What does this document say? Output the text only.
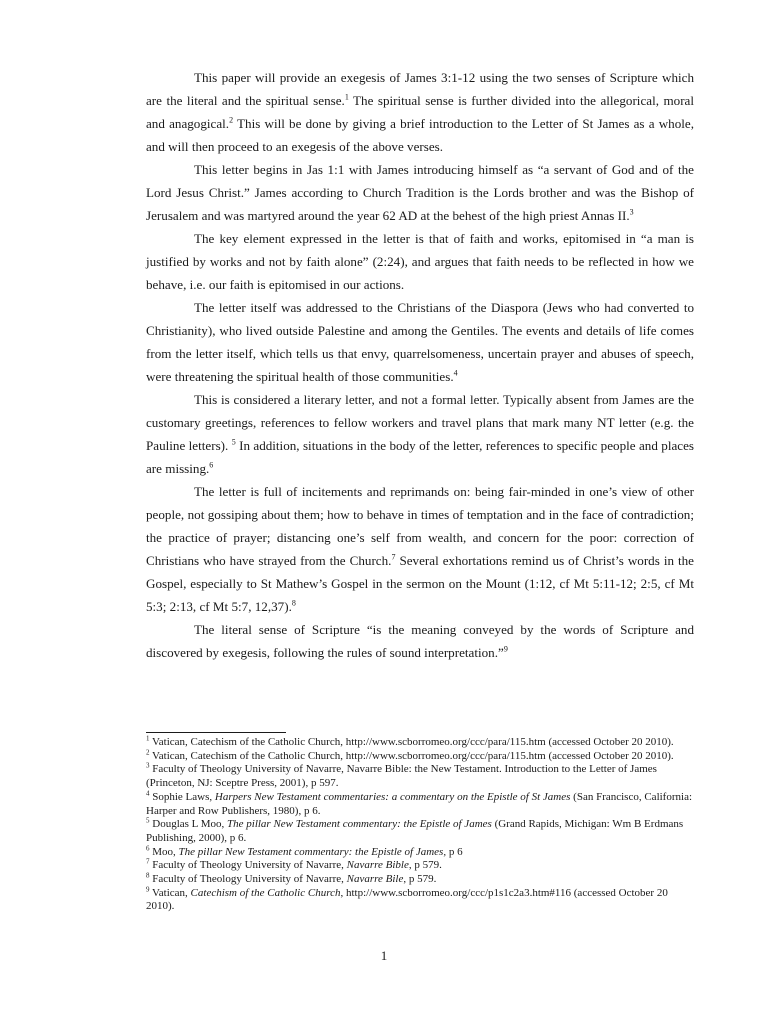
This paper will provide an exegesis of James 3:1-12 using the two senses of Scripture which are the literal and the spiritual sense.$^1$ The spiritual sense is further divided into the allegorical, moral and anagogical.$^2$ This will be done by giving a brief introduction to the Letter of St James as a whole, and will then proceed to an exegesis of the above verses.

This letter begins in Jas 1:1 with James introducing himself as “a servant of God and of the Lord Jesus Christ.” James according to Church Tradition is the Lords brother and was the Bishop of Jerusalem and was martyred around the year 62 AD at the behest of the high priest Annas II.$^3$

The key element expressed in the letter is that of faith and works, epitomised in “a man is justified by works and not by faith alone” (2:24), and argues that faith needs to be reflected in how we behave, i.e. our faith is epitomised in our actions.

The letter itself was addressed to the Christians of the Diaspora (Jews who had converted to Christianity), who lived outside Palestine and among the Gentiles. The events and details of life comes from the letter itself, which tells us that envy, quarrelsomeness, uncertain prayer and abuses of speech, were threatening the spiritual health of those communities.$^4$

This is considered a literary letter, and not a formal letter. Typically absent from James are the customary greetings, references to fellow workers and travel plans that mark many NT letter (e.g. the Pauline letters). $^5$ In addition, situations in the body of the letter, references to specific people and places are missing.$^6$

The letter is full of incitements and reprimands on: being fair-minded in one’s view of other people, not gossiping about them; how to behave in times of temptation and in the face of contradiction; the practice of prayer; distancing one’s self from wealth, and concern for the poor: correction of Christians who have strayed from the Church.$^7$ Several exhortations remind us of Christ’s words in the Gospel, especially to St Mathew’s Gospel in the sermon on the Mount (1:12, cf Mt 5:11-12; 2:5, cf Mt 5:3; 2:13, cf Mt 5:7, 12,37).$^8$

The literal sense of Scripture “is the meaning conveyed by the words of Scripture and discovered by exegesis, following the rules of sound interpretation.”$^9$

$^1$ Vatican, Catechism of the Catholic Church, http://www.scborromeo.org/ccc/para/115.htm (accessed October 20 2010).

$^2$ Vatican, Catechism of the Catholic Church, http://www.scborromeo.org/ccc/para/115.htm (accessed October 20 2010).

$^3$ Faculty of Theology University of Navarre, Navarre Bible: the New Testament. Introduction to the Letter of James (Princeton, NJ: Sceptre Press, 2001), p 597.

$^4$ Sophie Laws, Harpers New Testament commentaries: a commentary on the Epistle of St James (San Francisco, California: Harper and Row Publishers, 1980), p 6.

$^5$ Douglas L Moo, The pillar New Testament commentary: the Epistle of James (Grand Rapids, Michigan: Wm B Erdmans Publishing, 2000), p 6.

$^6$ Moo, The pillar New Testament commentary: the Epistle of James, p 6

$^7$ Faculty of Theology University of Navarre, Navarre Bible, p 579.

$^8$ Faculty of Theology University of Navarre, Navarre Bile, p 579.

$^9$ Vatican, Catechism of the Catholic Church, http://www.scborromeo.org/ccc/p1s1c2a3.htm#116 (accessed October 20 2010).

1
